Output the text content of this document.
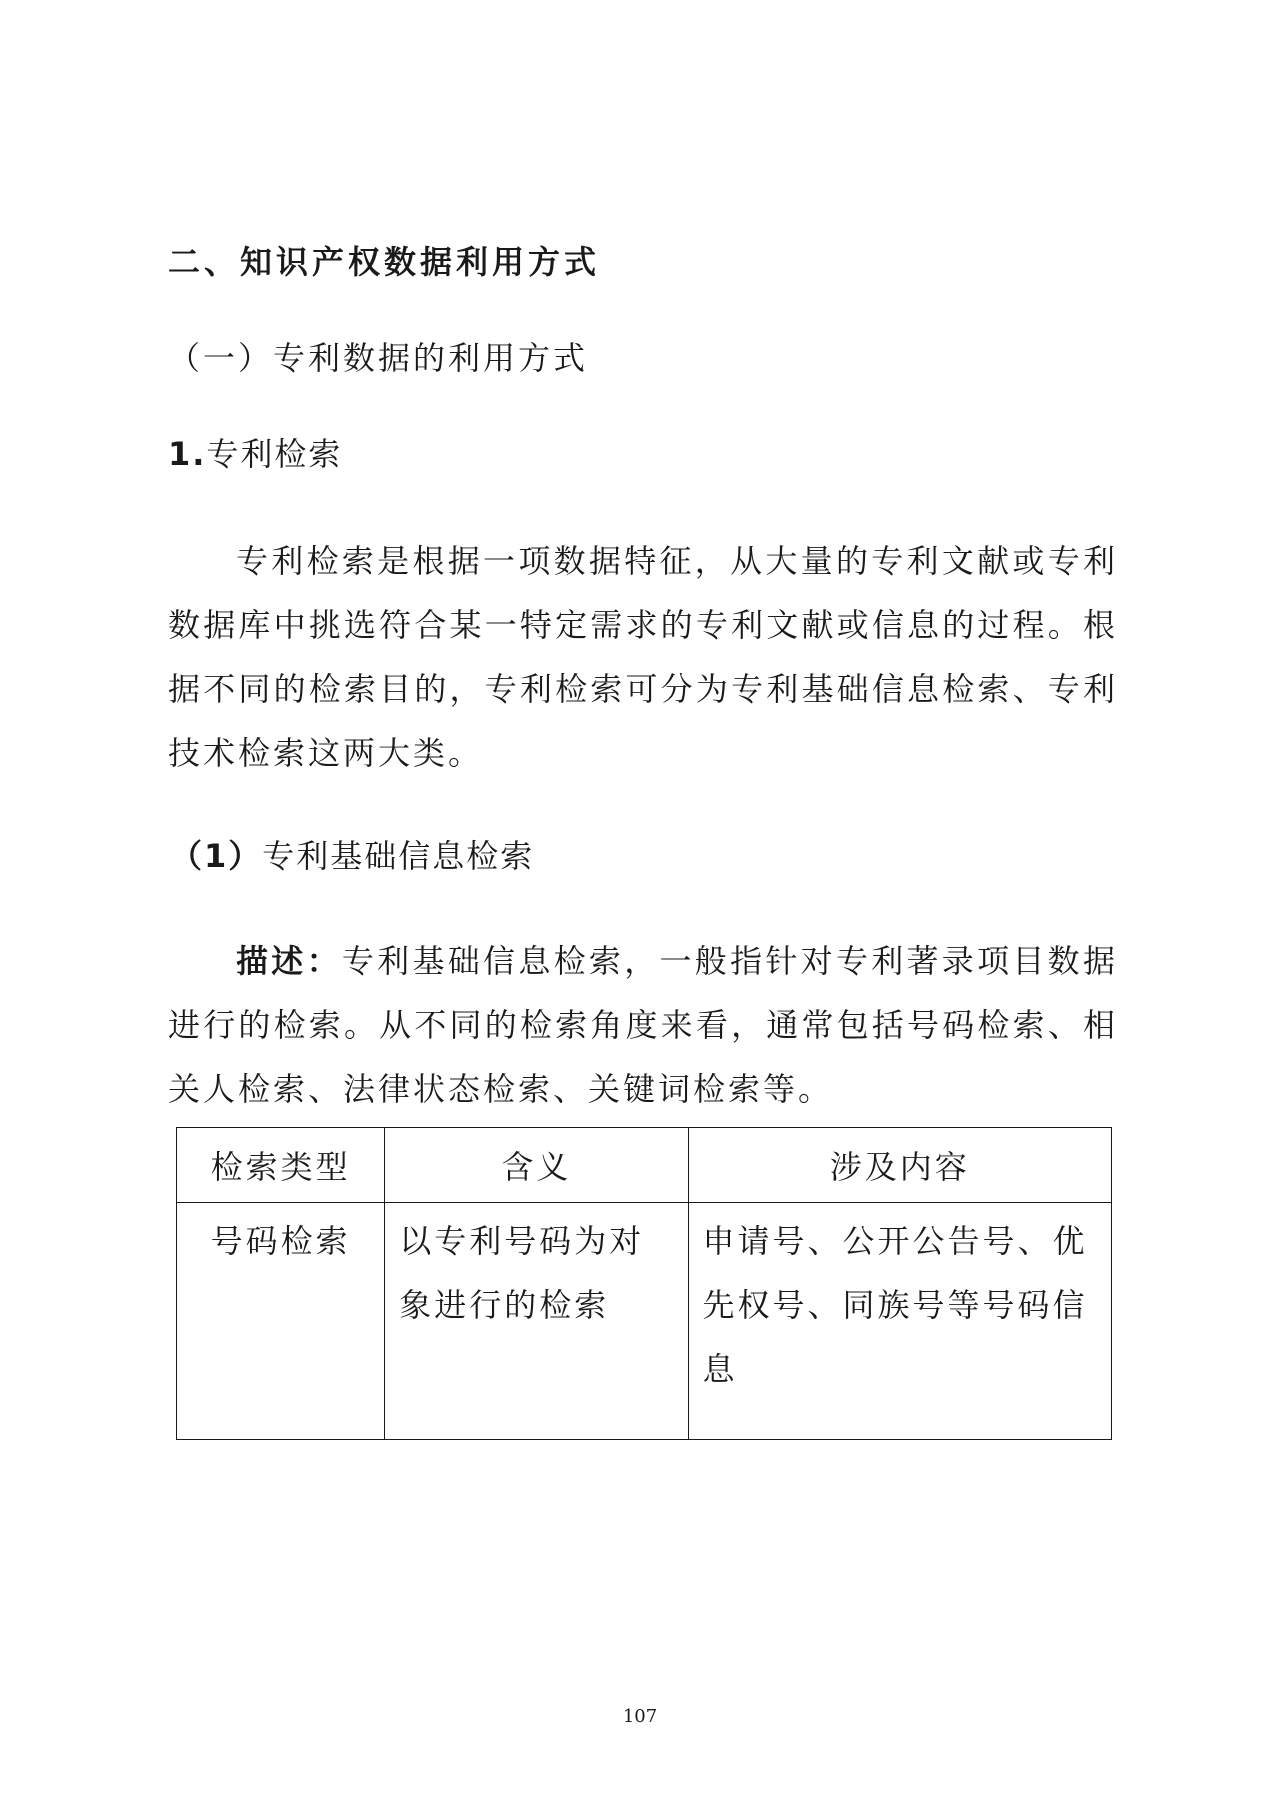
二、知识产权数据利用方式
（一）专利数据的利用方式
1.专利检索
专利检索是根据一项数据特征，从大量的专利文献或专利数据库中挑选符合某一特定需求的专利文献或信息的过程。根据不同的检索目的，专利检索可分为专利基础信息检索、专利技术检索这两大类。
（1）专利基础信息检索
描述：专利基础信息检索，一般指针对专利著录项目数据进行的检索。从不同的检索角度来看，通常包括号码检索、相关人检索、法律状态检索、关键词检索等。
检索类型	含义	涉及内容
号码检索	以专利号码为对象进行的检索	申请号、公开公告号、优先权号、同族号等号码信息
107
